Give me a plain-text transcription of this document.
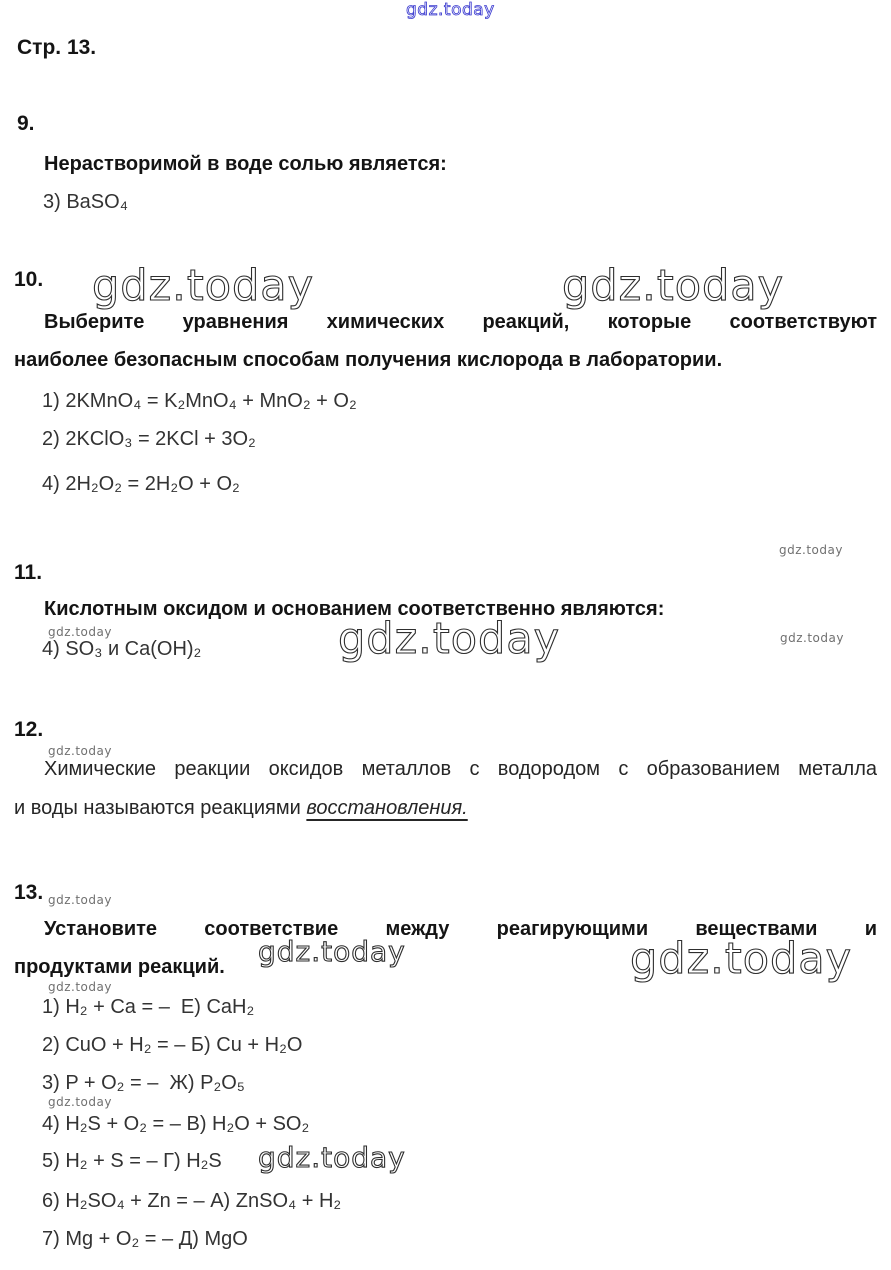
gdz.today
gdz.today	gdz.today
gdz.today
gdz.today	gdz.today	gdz.today
gdz.today
gdz.today
gdz.today	gdz.today
gdz.today
gdz.today
gdz.today
Стр. 13.
9.
Нерастворимой в воде солью является:
3) BaSO₄
10.
Выберите уравнения химических реакций, которые соответствуют
наиболее безопасным способам получения кислорода в лаборатории.
1) 2KMnO₄ = K₂MnO₄ + MnO₂ + O₂
2) 2KClO₃ = 2KCl + 3O₂
4) 2H₂O₂ = 2H₂O + O₂
11.
Кислотным оксидом и основанием соответственно являются:
4) SO₃ и Ca(OH)₂
12.
Химические реакции оксидов металлов с водородом с образованием металла
и воды называются реакциями восстановления.
13.
Установите соответствие между реагирующими веществами и
продуктами реакций.
1) H₂ + Ca = –  Е) CaH₂
2) CuO + H₂ = – Б) Cu + H₂O
3) P + O₂ = –  Ж) P₂O₅
4) H₂S + O₂ = – В) H₂O + SO₂
5) H₂ + S = – Г) H₂S
6) H₂SO₄ + Zn = – А) ZnSO₄ + H₂
7) Mg + O₂ = – Д) MgO
